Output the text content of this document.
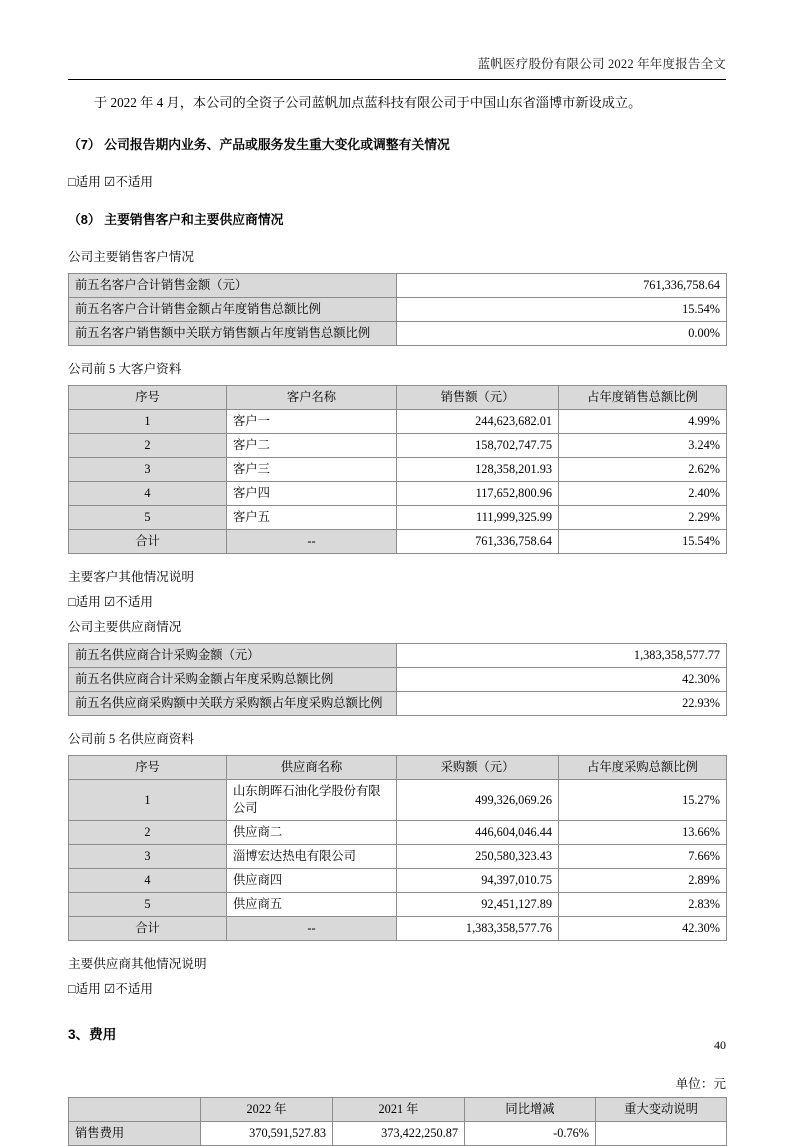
蓝帆医疗股份有限公司 2022 年年度报告全文

于 2022 年 4 月，本公司的全资子公司蓝帆加点蓝科技有限公司于中国山东省淄博市新设成立。

（7） 公司报告期内业务、产品或服务发生重大变化或调整有关情况

□适用 ☑不适用

（8） 主要销售客户和主要供应商情况

公司主要销售客户情况

前五名客户合计销售金额（元）	761,336,758.64
前五名客户合计销售金额占年度销售总额比例	15.54%
前五名客户销售额中关联方销售额占年度销售总额比例	0.00%

公司前 5 大客户资料

序号	客户名称	销售额（元）	占年度销售总额比例
1	客户一	244,623,682.01	4.99%
2	客户二	158,702,747.75	3.24%
3	客户三	128,358,201.93	2.62%
4	客户四	117,652,800.96	2.40%
5	客户五	111,999,325.99	2.29%
合计	--	761,336,758.64	15.54%

主要客户其他情况说明

□适用 ☑不适用

公司主要供应商情况

前五名供应商合计采购金额（元）	1,383,358,577.77
前五名供应商合计采购金额占年度采购总额比例	42.30%
前五名供应商采购额中关联方采购额占年度采购总额比例	22.93%

公司前 5 名供应商资料

序号	供应商名称	采购额（元）	占年度采购总额比例
1	山东朗晖石油化学股份有限公司	499,326,069.26	15.27%
2	供应商二	446,604,046.44	13.66%
3	淄博宏达热电有限公司	250,580,323.43	7.66%
4	供应商四	94,397,010.75	2.89%
5	供应商五	92,451,127.89	2.83%
合计	--	1,383,358,577.76	42.30%

主要供应商其他情况说明

□适用 ☑不适用

3、费用

单位：元

	2022 年	2021 年	同比增减	重大变动说明
销售费用	370,591,527.83	373,422,250.87	-0.76%	
40
